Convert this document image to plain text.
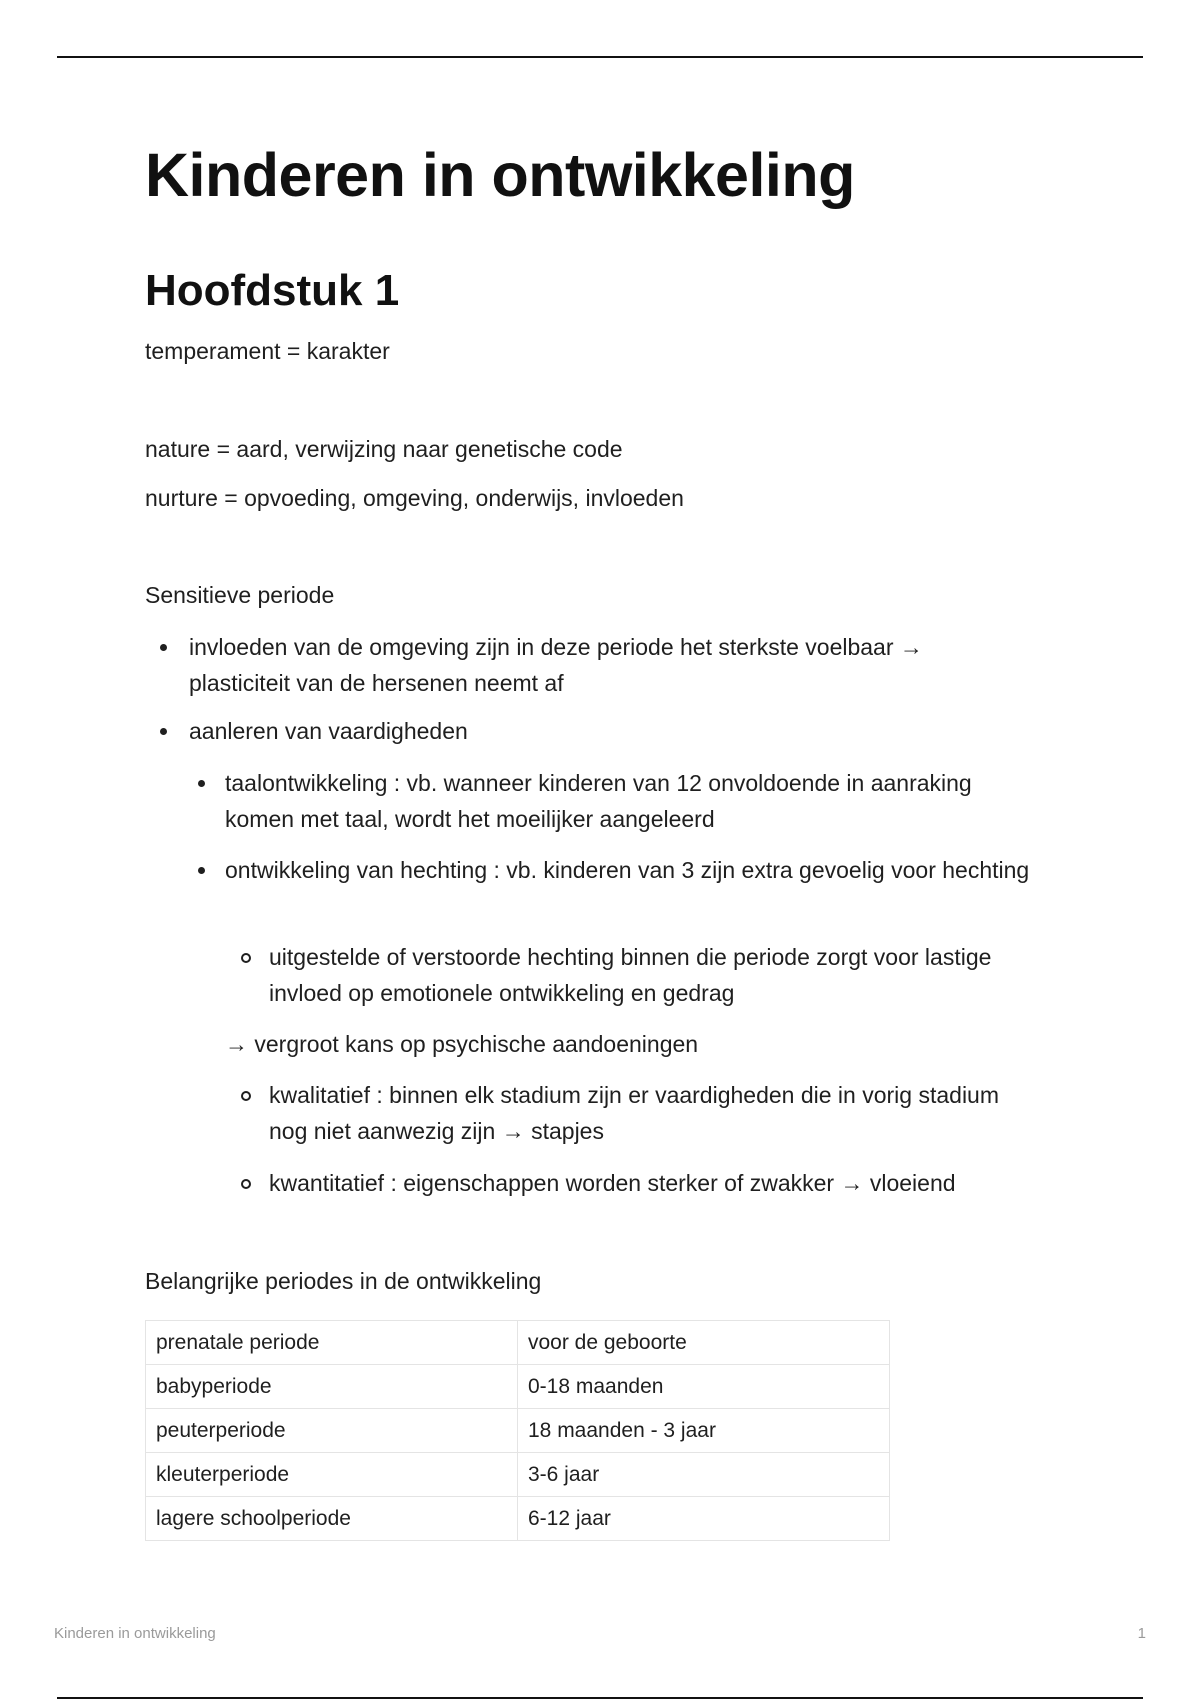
Kinderen in ontwikkeling
Hoofdstuk 1

temperament = karakter

nature = aard, verwijzing naar genetische code

nurture = opvoeding, omgeving, onderwijs, invloeden

Sensitieve periode

invloeden van de omgeving zijn in deze periode het sterkste voelbaar → plasticiteit van de hersenen neemt af
aanleren van vaardigheden
taalontwikkeling : vb. wanneer kinderen van 12 onvoldoende in aanraking komen met taal, wordt het moeilijker aangeleerd
ontwikkeling van hechting : vb. kinderen van 3 zijn extra gevoelig voor hechting
uitgestelde of verstoorde hechting binnen die periode zorgt voor lastige invloed op emotionele ontwikkeling en gedrag

→ vergroot kans op psychische aandoeningen

kwalitatief : binnen elk stadium zijn er vaardigheden die in vorig stadium nog niet aanwezig zijn → stapjes
kwantitatief : eigenschappen worden sterker of zwakker → vloeiend

Belangrijke periodes in de ontwikkeling

prenatale periode	voor de geboorte
babyperiode	0-18 maanden
peuterperiode	18 maanden - 3 jaar
kleuterperiode	3-6 jaar
lagere schoolperiode	6-12 jaar
Kinderen in ontwikkeling	1
